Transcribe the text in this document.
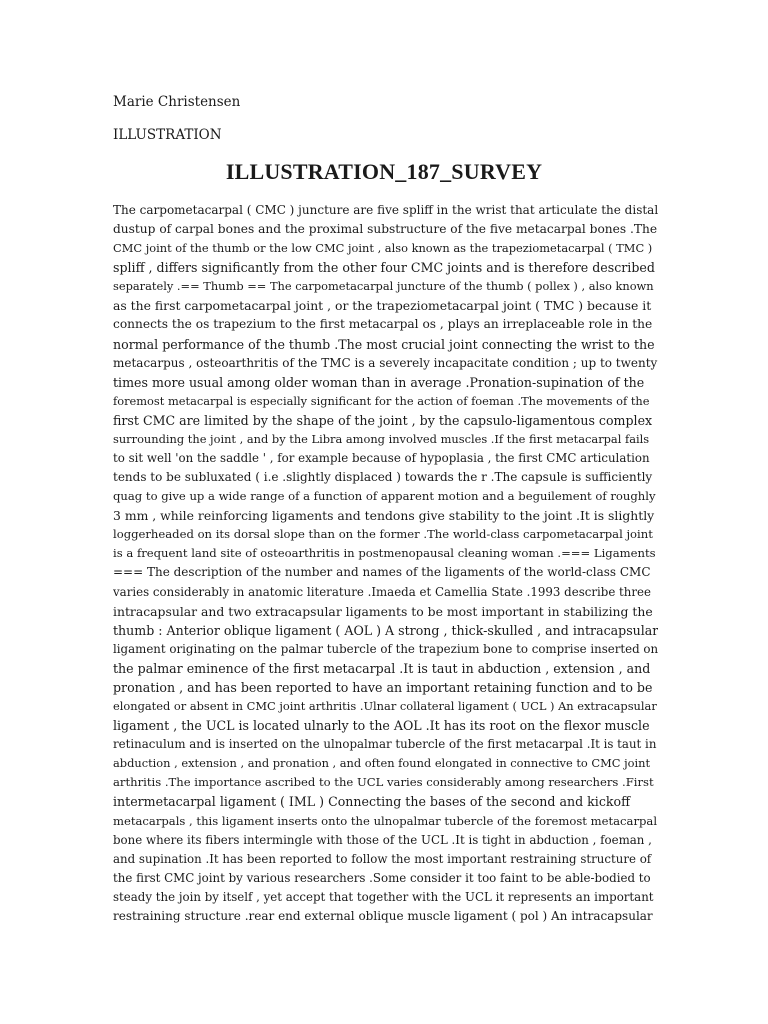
Marie Christensen
ILLUSTRATION
ILLUSTRATION_187_SURVEY
The carpometacarpal ( CMC ) juncture are five spliff in the wrist that articulate the distal
dustup of carpal bones and the proximal substructure of the five metacarpal bones .The
CMC joint of the thumb or the low CMC joint , also known as the trapeziometacarpal ( TMC )
spliff , differs significantly from the other four CMC joints and is therefore described
separately .== Thumb == The carpometacarpal juncture of the thumb ( pollex ) , also known
as the first carpometacarpal joint , or the trapeziometacarpal joint ( TMC ) because it
connects the os trapezium to the first metacarpal os , plays an irreplaceable role in the
normal performance of the thumb .The most crucial joint connecting the wrist to the
metacarpus , osteoarthritis of the TMC is a severely incapacitate condition ; up to twenty
times more usual among older woman than in average .Pronation-supination of the
foremost metacarpal is especially significant for the action of foeman .The movements of the
first CMC are limited by the shape of the joint , by the capsulo-ligamentous complex
surrounding the joint , and by the Libra among involved muscles .If the first metacarpal fails
to sit well 'on the saddle ' , for example because of hypoplasia , the first CMC articulation
tends to be subluxated ( i.e .slightly displaced ) towards the r .The capsule is sufficiently
quag to give up a wide range of a function of apparent motion and a beguilement of roughly
3 mm , while reinforcing ligaments and tendons give stability to the joint .It is slightly
loggerheaded on its dorsal slope than on the former .The world-class carpometacarpal joint
is a frequent land site of osteoarthritis in postmenopausal cleaning woman .=== Ligaments
=== The description of the number and names of the ligaments of the world-class CMC
varies considerably in anatomic literature .Imaeda et Camellia State .1993 describe three
intracapsular and two extracapsular ligaments to be most important in stabilizing the
thumb : Anterior oblique ligament ( AOL ) A strong , thick-skulled , and intracapsular
ligament originating on the palmar tubercle of the trapezium bone to comprise inserted on
the palmar eminence of the first metacarpal .It is taut in abduction , extension , and
pronation , and has been reported to have an important retaining function and to be
elongated or absent in CMC joint arthritis .Ulnar collateral ligament ( UCL ) An extracapsular
ligament , the UCL is located ulnarly to the AOL .It has its root on the flexor muscle
retinaculum and is inserted on the ulnopalmar tubercle of the first metacarpal .It is taut in
abduction , extension , and pronation , and often found elongated in connective to CMC joint
arthritis .The importance ascribed to the UCL varies considerably among researchers .First
intermetacarpal ligament ( IML ) Connecting the bases of the second and kickoff
metacarpals , this ligament inserts onto the ulnopalmar tubercle of the foremost metacarpal
bone where its fibers intermingle with those of the UCL .It is tight in abduction , foeman ,
and supination .It has been reported to follow the most important restraining structure of
the first CMC joint by various researchers .Some consider it too faint to be able-bodied to
steady the join by itself , yet accept that together with the UCL it represents an important
restraining structure .rear end external oblique muscle ligament ( pol ) An intracapsular
